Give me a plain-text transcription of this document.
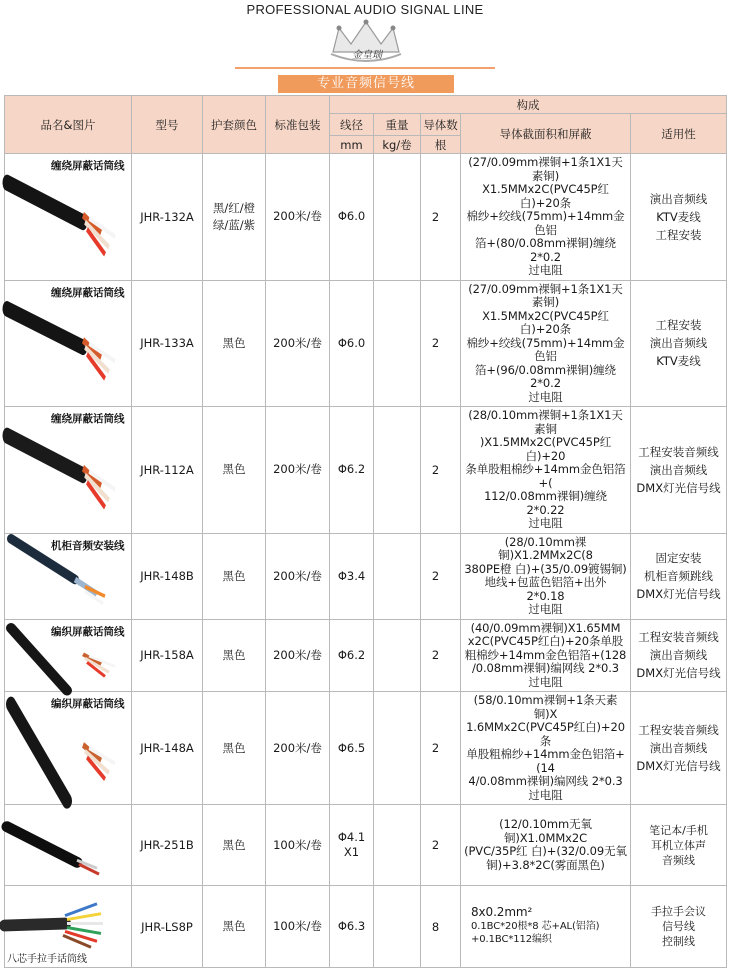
PROFESSIONAL AUDIO SIGNAL LINE
金皇瑞
专业音频信号线
品名&图片	型号	护套颜色	标准包装	构成				
				线径	重量	导体数	导体截面积和屏蔽	适用性
				mm	kg/卷	根		

缠绕屏蔽话筒线	JHR-132A	黑/红/橙
绿/蓝/紫	200米/卷	Φ6.0		2	(27/0.09mm裸铜+1条1X1天素铜)
X1.5MMx2C(PVC45P红白)+20条
棉纱+绞线(75mm)+14mm金色铝
箔+(80/0.08mm裸铜)缠绕 2*0.2
过电阻	演出音频线
KTV麦线
工程安装

缠绕屏蔽话筒线	JHR-133A	黑色	200米/卷	Φ6.0		2	(27/0.09mm裸铜+1条1X1天素铜)
X1.5MMx2C(PVC45P红白)+20条
棉纱+绞线(75mm)+14mm金色铝
箔+(96/0.08mm裸铜)缠绕 2*0.2
过电阻	工程安装
演出音频线
KTV麦线

缠绕屏蔽话筒线	JHR-112A	黑色	200米/卷	Φ6.2		2	(28/0.10mm裸铜+1条1X1天素铜
)X1.5MMx2C(PVC45P红白)+20
条单股粗棉纱+14mm金色铝箔+(
112/0.08mm裸铜)缠绕 2*0.22
过电阻	工程安装音频线
演出音频线
DMX灯光信号线

机柜音频安装线	JHR-148B	黑色	200米/卷	Φ3.4		2	(28/0.10mm裸铜)X1.2MMx2C(8
380PE橙 白)+(35/0.09镀锡铜)
地线+包蓝色铝箔+出外 2*0.18
过电阻	固定安装
机柜音频跳线
DMX灯光信号线

编织屏蔽话筒线	JHR-158A	黑色	200米/卷	Φ6.2		2	(40/0.09mm裸铜)X1.65MM
x2C(PVC45P红白)+20条单股
粗棉纱+14mm金色铝箔+(128
/0.08mm裸铜)编网线 2*0.3
过电阻	工程安装音频线
演出音频线
DMX灯光信号线

编织屏蔽话筒线	JHR-148A	黑色	200米/卷	Φ6.5		2	(58/0.10mm裸铜+1条天素铜)X
1.6MMx2C(PVC45P红白)+20条
单股粗棉纱+14mm金色铝箔+(14
4/0.08mm裸铜)编网线 2*0.3
过电阻	工程安装音频线
演出音频线
DMX灯光信号线

	JHR-251B	黑色	100米/卷	Φ4.1
X1		2	(12/0.10mm无氧铜)X1.0MMx2C
(PVC/35P红 白)+(32/0.09无氧
铜)+3.8*2C(雾面黑色)	笔记本/手机
耳机立体声
音频线

八芯手拉手话筒线	JHR-LS8P	黑色	100米/卷	Φ6.3		8	8x0.2mm²
0.1BC*20根*8 芯+AL(铝箔)
+0.1BC*112编织	手拉手会议
信号线
控制线
